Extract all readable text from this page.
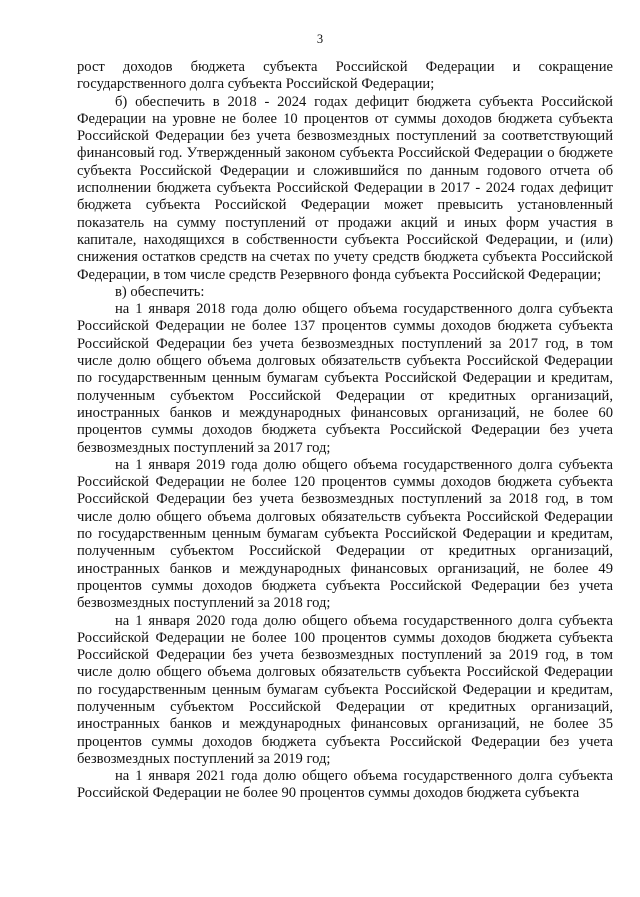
3

рост доходов бюджета субъекта Российской Федерации и сокращение государственного долга субъекта Российской Федерации;

б) обеспечить в 2018 - 2024 годах дефицит бюджета субъекта Российской Федерации на уровне не более 10 процентов от суммы доходов бюджета субъекта Российской Федерации без учета безвозмездных поступлений за соответствующий финансовый год. Утвержденный законом субъекта Российской Федерации о бюджете субъекта Российской Федерации и сложившийся по данным годового отчета об исполнении бюджета субъекта Российской Федерации в 2017 - 2024 годах дефицит бюджета субъекта Российской Федерации может превысить установленный показатель на сумму поступлений от продажи акций и иных форм участия в капитале, находящихся в собственности субъекта Российской Федерации, и (или) снижения остатков средств на счетах по учету средств бюджета субъекта Российской Федерации, в том числе средств Резервного фонда субъекта Российской Федерации;

в) обеспечить:

на 1 января 2018 года долю общего объема государственного долга субъекта Российской Федерации не более 137 процентов суммы доходов бюджета субъекта Российской Федерации без учета безвозмездных поступлений за 2017 год, в том числе долю общего объема долговых обязательств субъекта Российской Федерации по государственным ценным бумагам субъекта Российской Федерации и кредитам, полученным субъектом Российской Федерации от кредитных организаций, иностранных банков и международных финансовых организаций, не более 60 процентов суммы доходов бюджета субъекта Российской Федерации без учета безвозмездных поступлений за 2017 год;

на 1 января 2019 года долю общего объема государственного долга субъекта Российской Федерации не более 120 процентов суммы доходов бюджета субъекта Российской Федерации без учета безвозмездных поступлений за 2018 год, в том числе долю общего объема долговых обязательств субъекта Российской Федерации по государственным ценным бумагам субъекта Российской Федерации и кредитам, полученным субъектом Российской Федерации от кредитных организаций, иностранных банков и международных финансовых организаций, не более 49 процентов суммы доходов бюджета субъекта Российской Федерации без учета безвозмездных поступлений за 2018 год;

на 1 января 2020 года долю общего объема государственного долга субъекта Российской Федерации не более 100 процентов суммы доходов бюджета субъекта Российской Федерации без учета безвозмездных поступлений за 2019 год, в том числе долю общего объема долговых обязательств субъекта Российской Федерации по государственным ценным бумагам субъекта Российской Федерации и кредитам, полученным субъектом Российской Федерации от кредитных организаций, иностранных банков и международных финансовых организаций, не более 35 процентов суммы доходов бюджета субъекта Российской Федерации без учета безвозмездных поступлений за 2019 год;

на 1 января 2021 года долю общего объема государственного долга субъекта Российской Федерации не более 90 процентов суммы доходов бюджета субъекта
